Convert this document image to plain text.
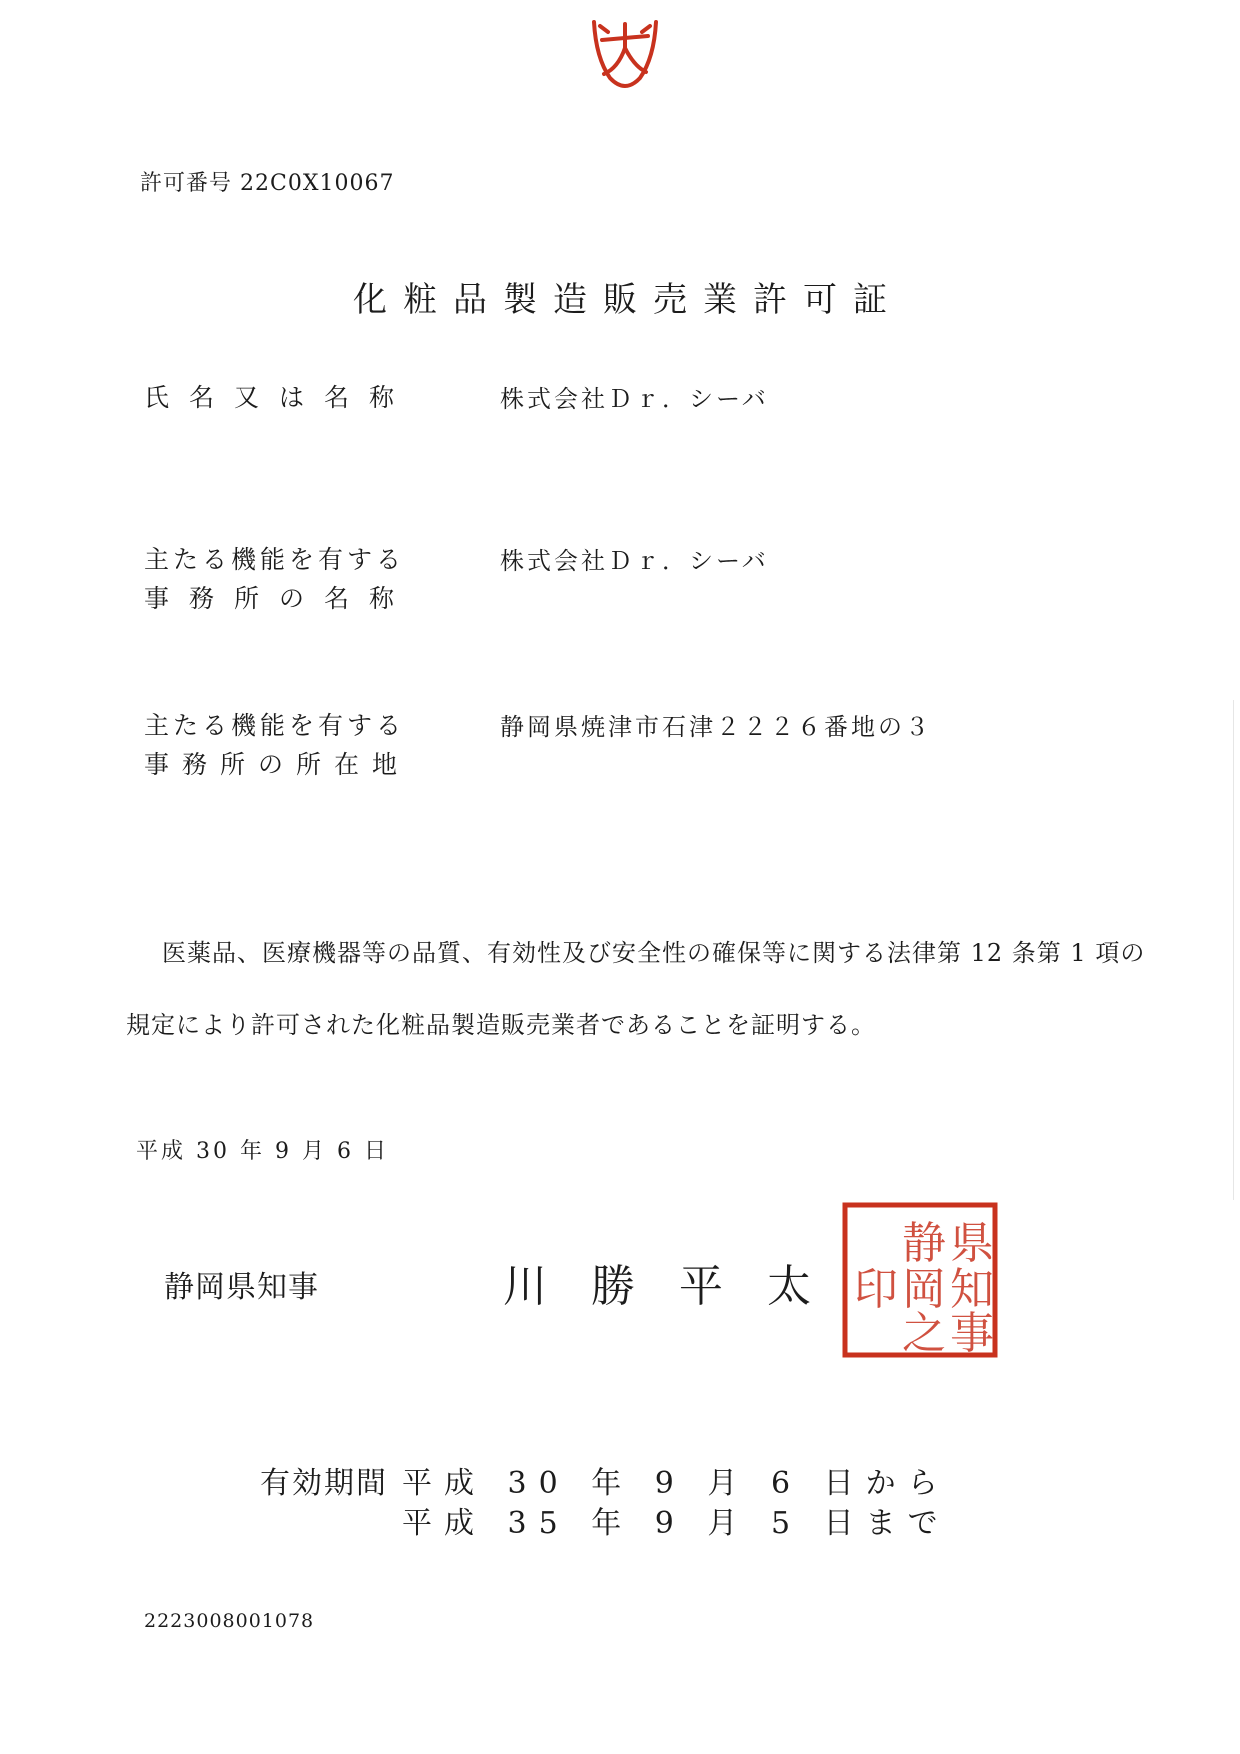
許可番号 22C0X10067
化粧品製造販売業許可証
氏名又は名称	株式会社Ｄｒ．シーバ
主たる機能を有する
事務所の名称
株式会社Ｄｒ．シーバ
主たる機能を有する
事務所の所在地
静岡県焼津市石津２２２６番地の３
医薬品、医療機器等の品質、有効性及び安全性の確保等に関する法律第 12 条第 1 項の
規定により許可された化粧品製造販売業者であることを証明する。
平成 30 年 9 月 6 日
静岡県知事	川勝平太
県
知
事
静
岡
之
印
有効期間 平成 30 年 9 月 6 日から
平成 35 年 9 月 5 日まで
2223008001078
